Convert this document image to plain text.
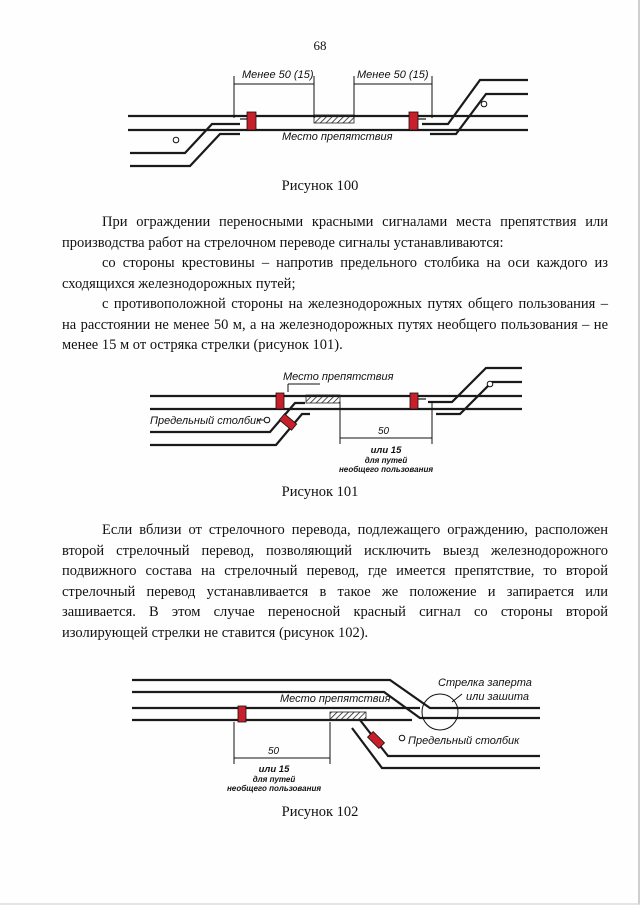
68
Менее 50 (15)	Менее 50 (15)
Место препятствия
Рисунок 100

При ограждении переносными красными сигналами места препятствия или производства работ на стрелочном переводе сигналы устанавливаются:

со стороны крестовины – напротив предельного столбика на оси каждого из сходящихся железнодорожных путей;

с противоположной стороны на железнодорожных путях общего пользования – на расстоянии не менее 50 м, а на железнодорожных путях необщего пользования – не менее 15 м от остряка стрелки (рисунок 101).

Место препятствия
Предельный столбик
50
или 15
для путей
необщего пользования
Рисунок 101

Если вблизи от стрелочного перевода, подлежащего ограждению, расположен второй стрелочный перевод, позволяющий исключить выезд железнодорожного подвижного состава на стрелочный перевод, где имеется препятствие, то второй стрелочный перевод устанавливается в такое же положение и запирается или зашивается. В этом случае переносной красный сигнал со стороны второй изолирующей стрелки не ставится (рисунок 102).

Место препятствия
Стрелка заперта
или зашита
Предельный столбик
50
или 15
для путей
необщего пользования
Рисунок 102
